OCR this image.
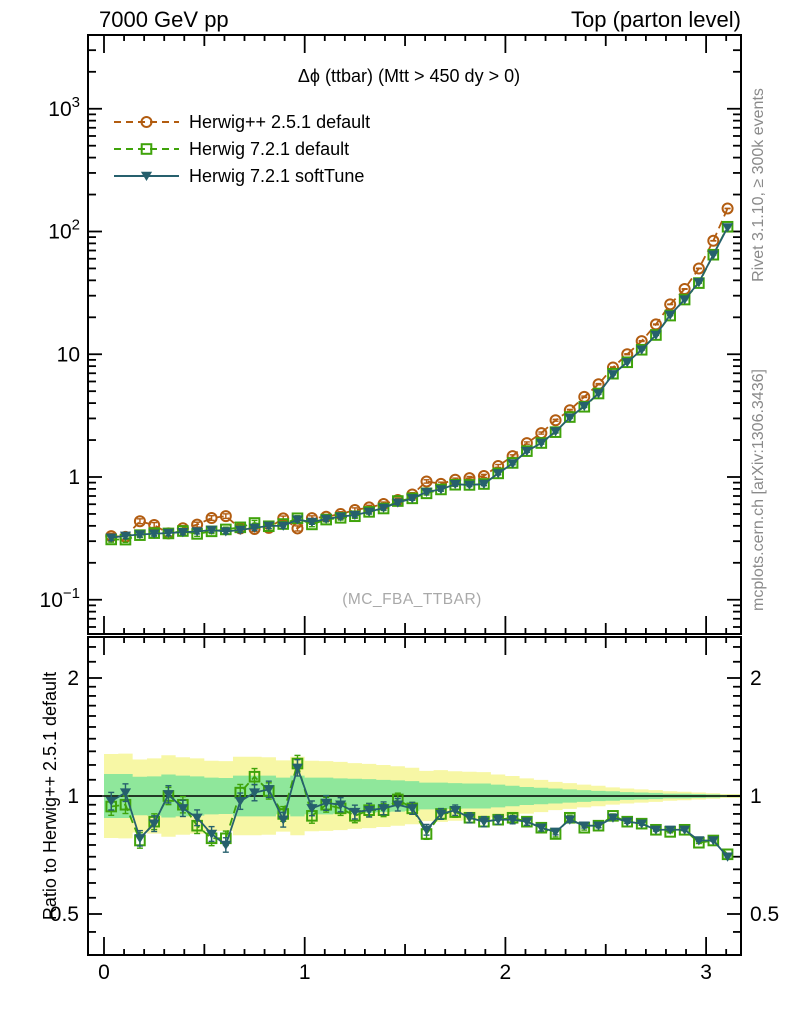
7000 GeV pp	Top (parton level)
Δϕ (ttbar) (Mtt > 450 dy > 0)
Herwig++ 2.5.1 default
Herwig 7.2.1 default
Herwig 7.2.1 softTune
(MC_FBA_TTBAR)
Rivet 3.1.10, ≥ 300k events
mcplots.cern.ch [arXiv:1306.3436]
Ratio to Herwig++ 2.5.1 default
$10^3$
$10^2$
10
1
$10^{-1}$
2	2
1	1
0.5	0.5
0	1	2	3
